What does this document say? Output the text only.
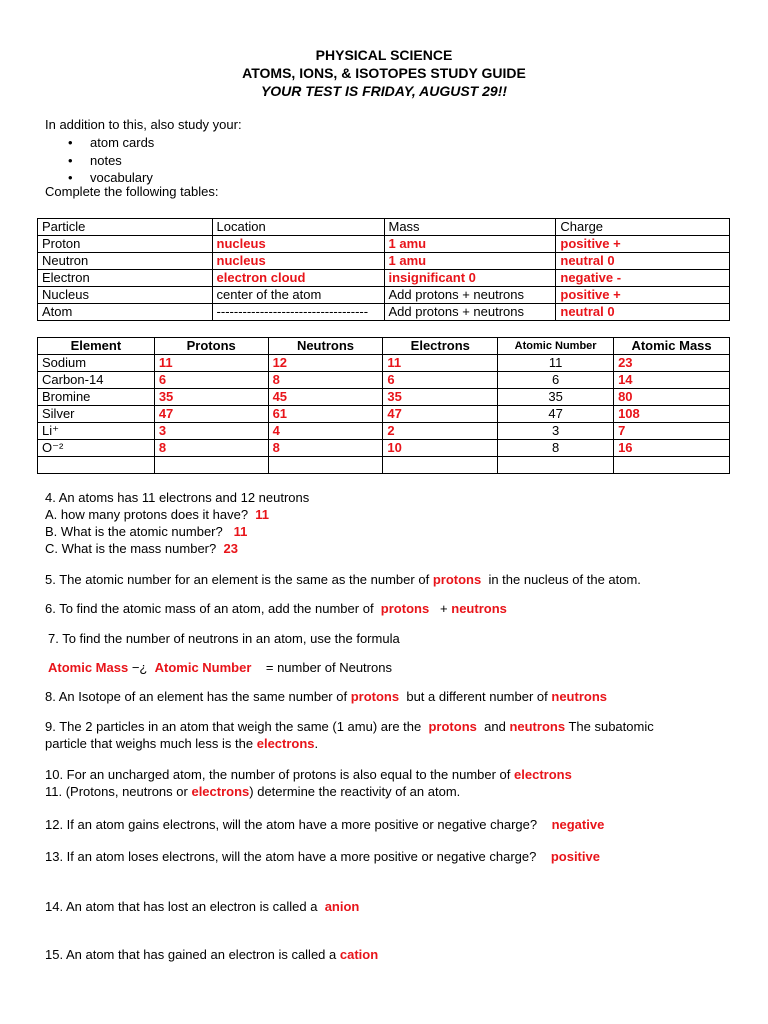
PHYSICAL SCIENCE
ATOMS, IONS, & ISOTOPES STUDY GUIDE
YOUR TEST IS FRIDAY, AUGUST 29!!
In addition to this, also study your:
• atom cards
• notes
• vocabulary
Complete the following tables:
Particle	Location	Mass	Charge
Proton	nucleus	1 amu	positive +
Neutron	nucleus	1 amu	neutral 0
Electron	electron cloud	insignificant 0	negative -
Nucleus	center of the atom	Add protons + neutrons	positive +
Atom	-----------------------------------	Add protons + neutrons	neutral 0
Element	Protons	Neutrons	Electrons	Atomic Number	Atomic Mass
Sodium	11	12	11	11	23
Carbon-14	6	8	6	6	14
Bromine	35	45	35	35	80
Silver	47	61	47	47	108
Li⁺	3	4	2	3	7
O⁻²	8	8	10	8	16

4. An atoms has 11 electrons and 12 neutrons
A. how many protons does it have? 11
B. What is the atomic number? 11
C. What is the mass number? 23
5. The atomic number for an element is the same as the number of protons in the nucleus of the atom.
6. To find the atomic mass of an atom, add the number of protons + neutrons
7. To find the number of neutrons in an atom, use the formula
Atomic Mass −¿ Atomic Number = number of Neutrons
8. An Isotope of an element has the same number of protons but a different number of neutrons
9. The 2 particles in an atom that weigh the same (1 amu) are the protons and neutrons The subatomic
particle that weighs much less is the electrons.
10. For an uncharged atom, the number of protons is also equal to the number of electrons
11. (Protons, neutrons or electrons) determine the reactivity of an atom.
12. If an atom gains electrons, will the atom have a more positive or negative charge? negative
13. If an atom loses electrons, will the atom have a more positive or negative charge? positive
14. An atom that has lost an electron is called a anion
15. An atom that has gained an electron is called a cation
